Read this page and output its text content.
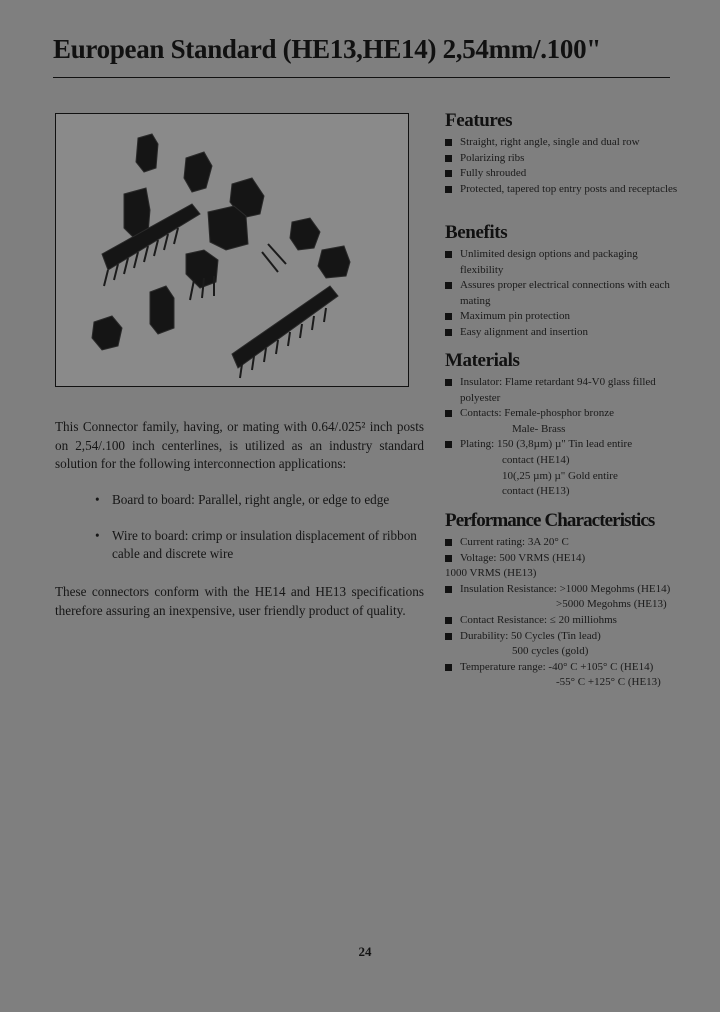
European Standard (HE13,HE14) 2,54mm/.100"

This Connector family, having, or mating with 0.64/.025² inch posts on 2,54/.100 inch centerlines, is utilized as an industry standard solution for the following interconnection applications:

• Board to board: Parallel, right angle, or edge to edge
• Wire to board: crimp or insulation displacement of ribbon cable and discrete wire

These connectors conform with the HE14 and HE13 specifications therefore assuring an inexpensive, user friendly product of quality.

Features
Straight, right angle, single and dual row
Polarizing ribs
Fully shrouded
Protected, tapered top entry posts and receptacles
Benefits
Unlimited design options and packaging flexibility
Assures proper electrical connections with each mating
Maximum pin protection
Easy alignment and insertion
Materials
Insulator: Flame retardant 94-V0 glass filled polyester
Contacts: Female-phosphor bronze
Male- Brass
Plating: 150 (3,8µm) µ" Tin lead entire
contact (HE14)
10(,25 µm) µ" Gold entire
contact (HE13)
Performance Characteristics
Current rating: 3A 20° C
Voltage: 500 VRMS (HE14)
1000 VRMS (HE13)
Insulation Resistance: >1000 Megohms (HE14)
>5000 Megohms (HE13)
Contact Resistance: ≤ 20 milliohms
Durability: 50 Cycles (Tin lead)
500 cycles (gold)
Temperature range: -40° C +105° C (HE14)
-55° C +125° C (HE13)
24
